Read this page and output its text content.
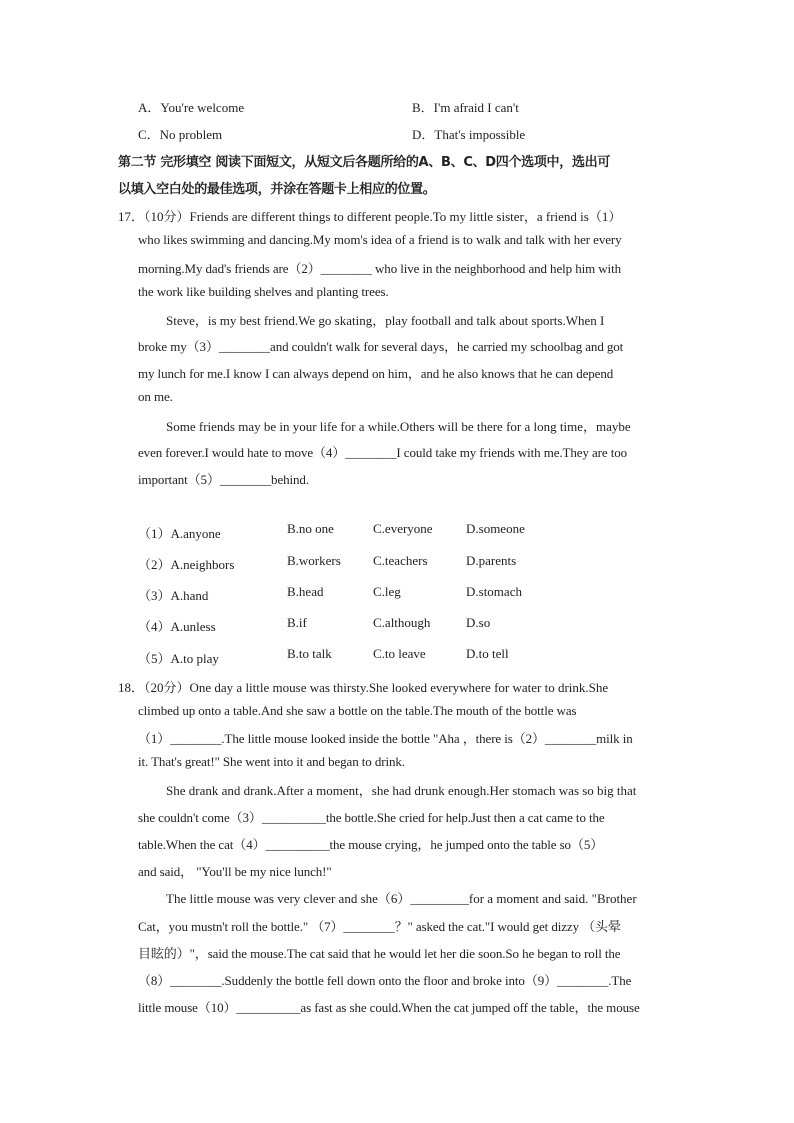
A．You're welcome	B．I'm afraid I can't
C．No problem	D．That's impossible
第二节 完形填空 阅读下面短文，从短文后各题所给的A、B、C、D四个选项中，选出可
以填入空白处的最佳选项，并涂在答题卡上相应的位置。
17．（10分）Friends are different things to different people.To my little sister，a friend is（1）
who likes swimming and dancing.My mom's idea of a friend is to walk and talk with her every
morning.My dad's friends are（2）________ who live in the neighborhood and help him with
the work like building shelves and planting trees.
Steve，is my best friend.We go skating，play football and talk about sports.When I
broke my（3）________and couldn't walk for several days，he carried my schoolbag and got
my lunch for me.I know I can always depend on him，and he also knows that he can depend
on me.
Some friends may be in your life for a while.Others will be there for a long time，maybe
even forever.I would hate to move（4）________I could take my friends with me.They are too
important（5）________behind.
（1）A.anyone	B.no one	C.everyone	D.someone
（2）A.neighbors	B.workers C.teachers	D.parents
（3）A.hand	B.head	C.leg	D.stomach
（4）A.unless	B.if	C.although	D.so
（5）A.to play	B.to talk	C.to leave	D.to tell
18．（20分）One day a little mouse was thirsty.She looked everywhere for water to drink.She
climbed up onto a table.And she saw a bottle on the table.The mouth of the bottle was
（1）________.The little mouse looked inside the bottle "Aha ，there is（2）________milk in
it. That's great!" She went into it and began to drink.
She drank and drank.After a moment，she had drunk enough.Her stomach was so big that
she couldn't come（3）__________the bottle.She cried for help.Just then a cat came to the
table.When the cat（4）__________the mouse crying，he jumped onto the table so（5）
and said， "You'll be my nice lunch!"
The little mouse was very clever and she（6）_________for a moment and said. "Brother
Cat，you mustn't roll the bottle." （7）________？" asked the cat."I would get dizzy （头晕
目眩的）"，said the mouse.The cat said that he would let her die soon.So he began to roll the
（8）________.Suddenly the bottle fell down onto the floor and broke into（9）________.The
little mouse（10）__________as fast as she could.When the cat jumped off the table，the mouse
